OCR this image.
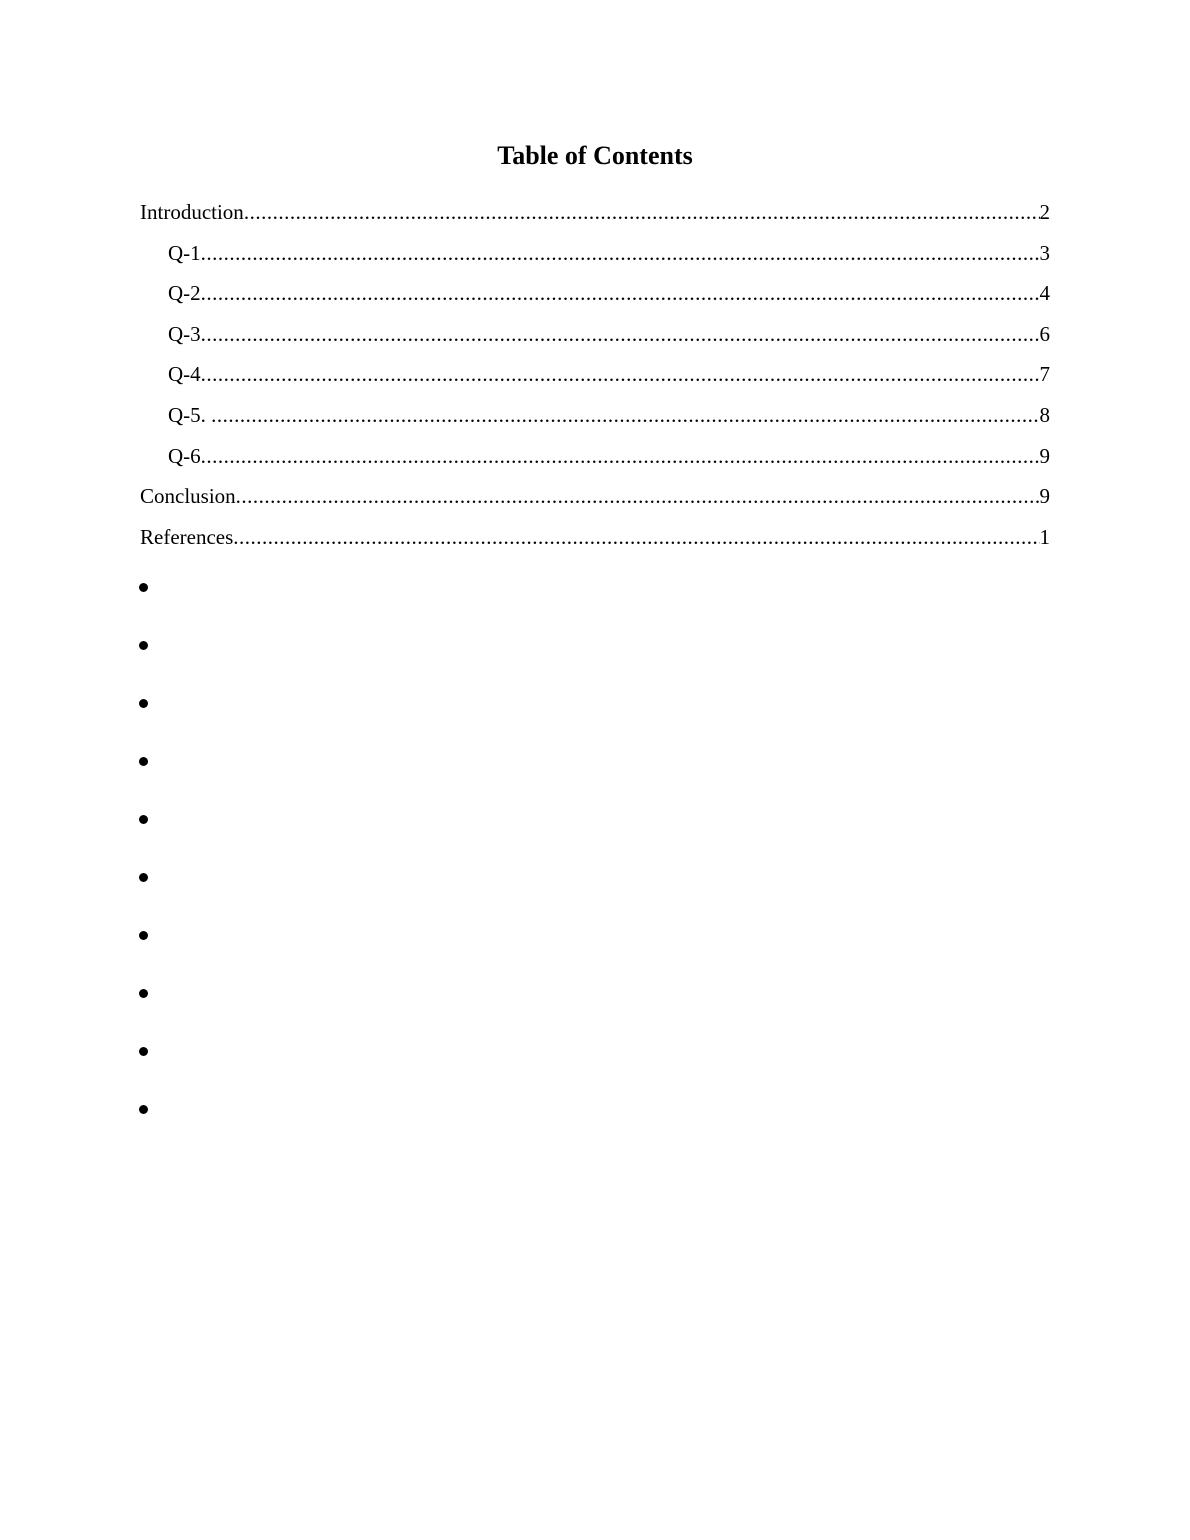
Table of Contents
Introduction .....	2
Q-1 .....	3
Q-2 .....	4
Q-3 .....	6
Q-4 .....	7
Q-5. .....	8
Q-6 .....	9
Conclusion .....	9
References .....	1
